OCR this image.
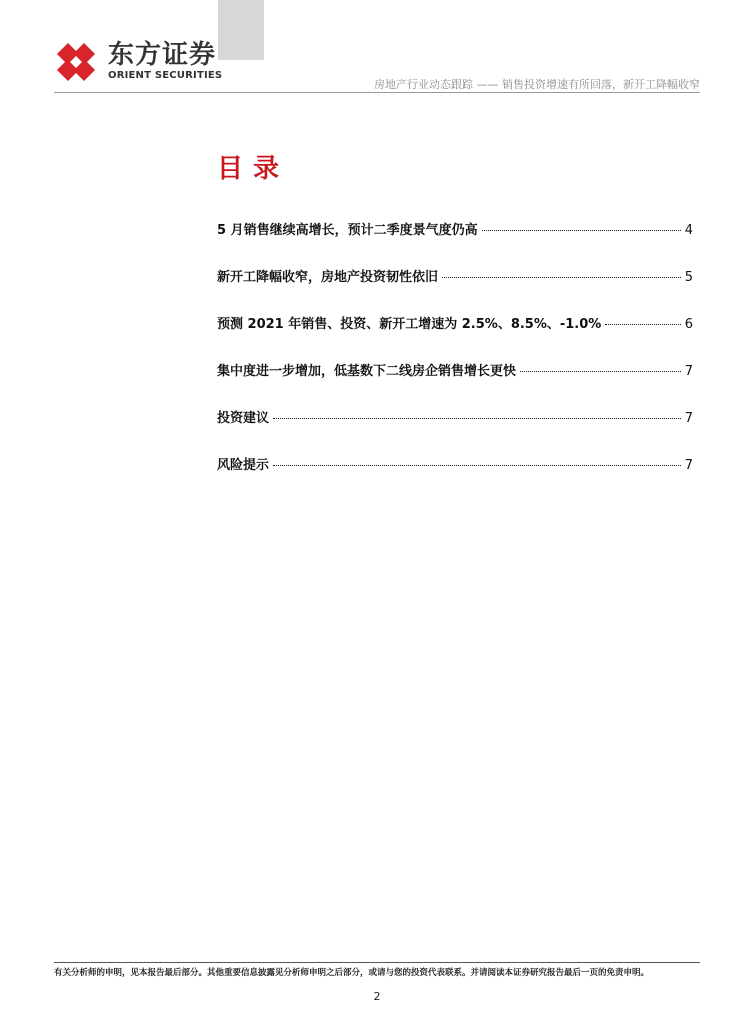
东方证券
ORIENT SECURITIES
房地产行业动态跟踪 —— 销售投资增速有所回落，新开工降幅收窄
目录
5 月销售继续高增长，预计二季度景气度仍高	4
新开工降幅收窄，房地产投资韧性依旧	5
预测 2021 年销售、投资、新开工增速为 2.5%、8.5%、-1.0%	6
集中度进一步增加，低基数下二线房企销售增长更快	7
投资建议	7
风险提示	7
有关分析师的申明，见本报告最后部分。其他重要信息披露见分析师申明之后部分，或请与您的投资代表联系。并请阅读本证券研究报告最后一页的免责申明。
2
